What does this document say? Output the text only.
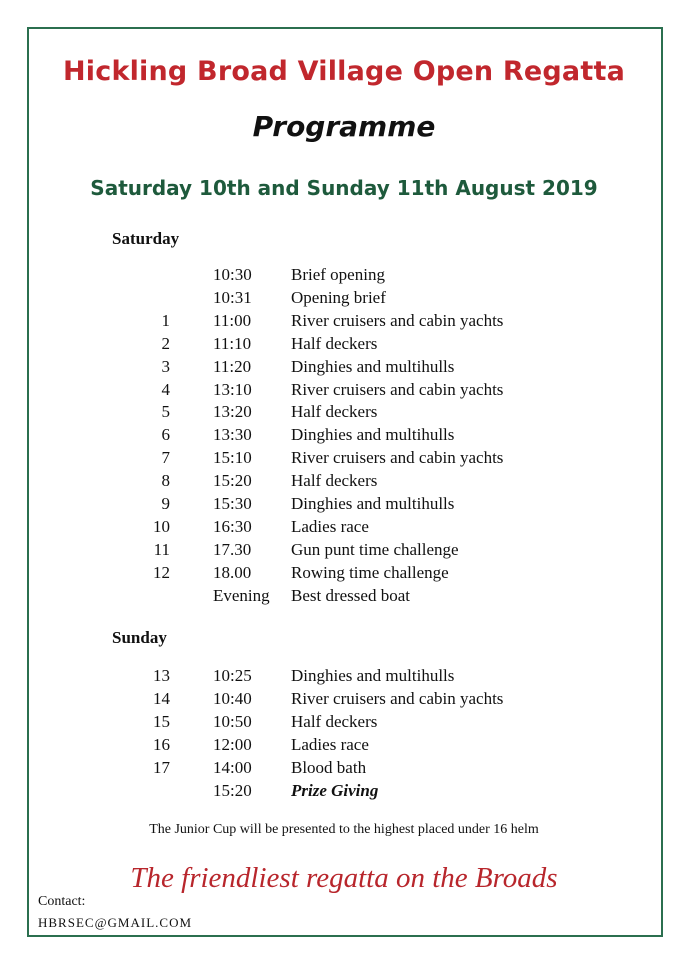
Hickling Broad Village Open Regatta
Programme
Saturday 10th and Sunday 11th August 2019
Saturday
10:30 Brief opening
10:31 Opening brief
1	11:00 River cruisers and cabin yachts
2	11:10 Half deckers
3	11:20 Dinghies and multihulls
4	13:10 River cruisers and cabin yachts
5	13:20 Half deckers
6	13:30 Dinghies and multihulls
7	15:10 River cruisers and cabin yachts
8	15:20 Half deckers
9	15:30 Dinghies and multihulls
10	16:30 Ladies race
11	17.30 Gun punt time challenge
12	18.00 Rowing time challenge
Evening Best dressed boat
Sunday
13	10:25 Dinghies and multihulls
14	10:40 River cruisers and cabin yachts
15	10:50 Half deckers
16	12:00 Ladies race
17	14:00 Blood bath
15:20 Prize Giving
The Junior Cup will be presented to the highest placed under 16 helm
The friendliest regatta on the Broads
Contact:
HBRSEC@GMAIL.COM
